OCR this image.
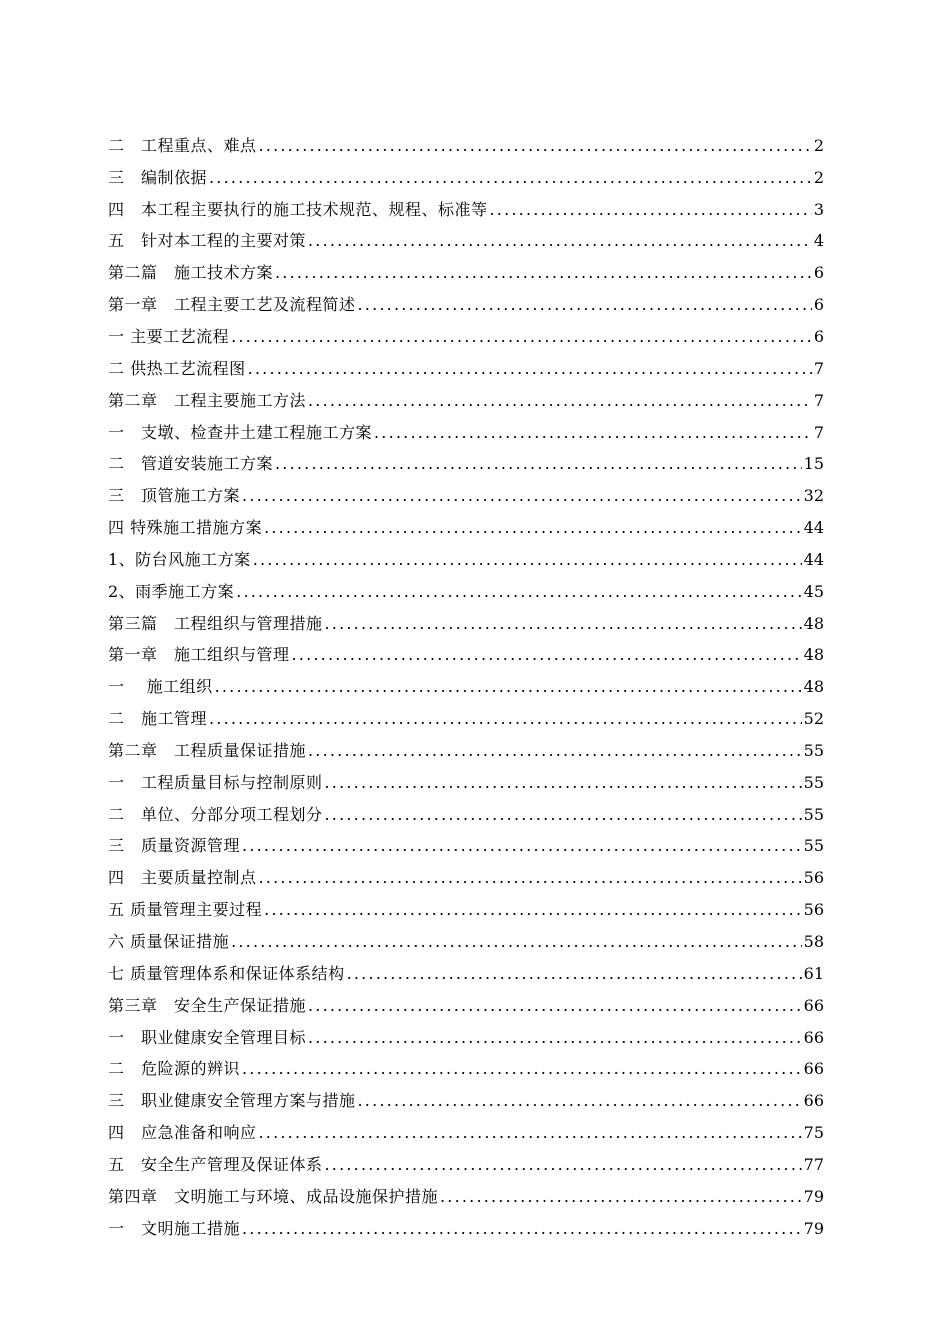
二　工程重点、难点 .....	2
三　编制依据 .....	2
四　本工程主要执行的施工技术规范、规程、标准等 .....	3
五　针对本工程的主要对策 .....	4
第二篇　施工技术方案 .....	6
第一章　工程主要工艺及流程简述 .....	6
一 主要工艺流程 .....	6
二 供热工艺流程图 .....	7
第二章　工程主要施工方法 .....	7
一　支墩、检查井土建工程施工方案 .....	7
二　管道安装施工方案 .....	15
三　顶管施工方案 .....	32
四 特殊施工措施方案 .....	44
1、防台风施工方案 .....	44
2、雨季施工方案 .....	45
第三篇　工程组织与管理措施 .....	48
第一章　施工组织与管理 .....	48
一　 施工组织 .....	48
二　施工管理 .....	52
第二章　工程质量保证措施 .....	55
一　工程质量目标与控制原则 .....	55
二　单位、分部分项工程划分 .....	55
三　质量资源管理 .....	55
四　主要质量控制点 .....	56
五 质量管理主要过程 .....	56
六 质量保证措施 .....	58
七 质量管理体系和保证体系结构 .....	61
第三章　安全生产保证措施 .....	66
一　职业健康安全管理目标 .....	66
二　危险源的辨识 .....	66
三　职业健康安全管理方案与措施 .....	66
四　应急准备和响应 .....	75
五　安全生产管理及保证体系 .....	77
第四章　文明施工与环境、成品设施保护措施 .....	79
一　文明施工措施 .....	79
